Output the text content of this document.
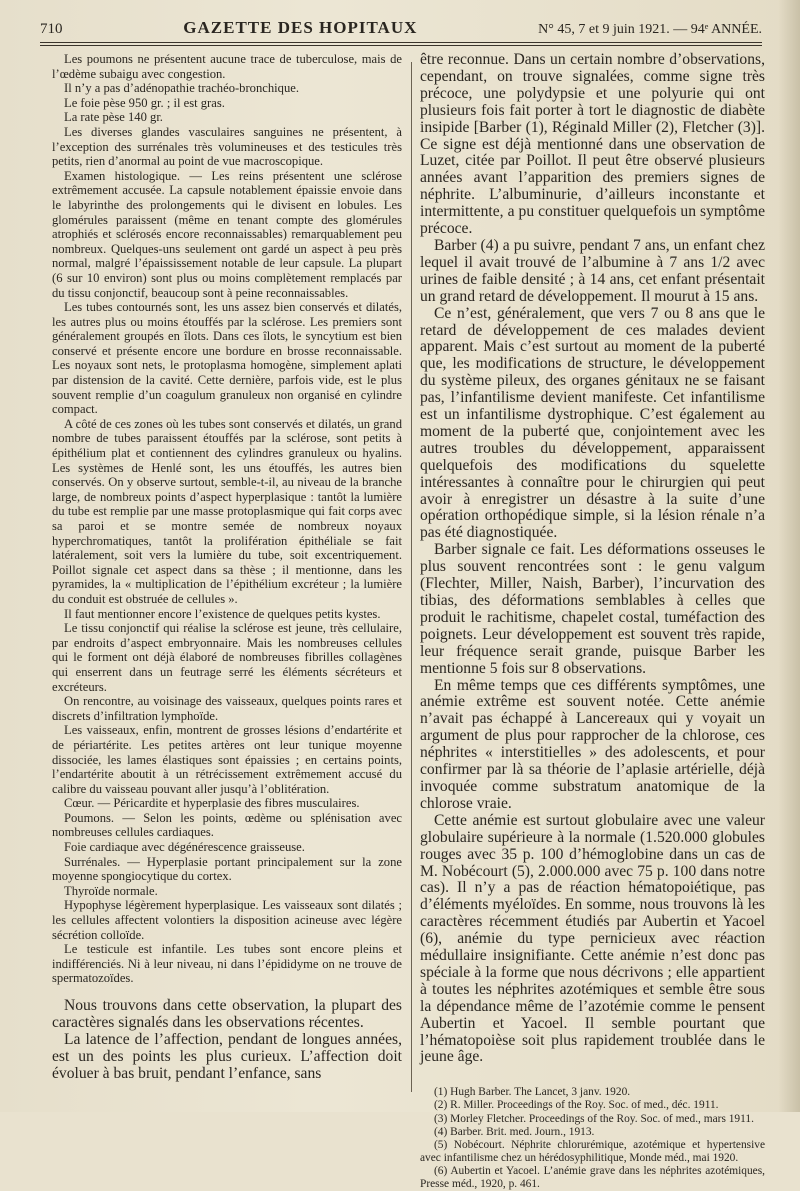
710	GAZETTE DES HOPITAUX	N° 45, 7 et 9 juin 1921. — 94ᵉ ANNÉE.

Les poumons ne présentent aucune trace de tuberculose, mais de l’œdème subaigu avec congestion.

Il n’y a pas d’adénopathie trachéo-bronchique.

Le foie pèse 950 gr. ; il est gras.

La rate pèse 140 gr.

Les diverses glandes vasculaires sanguines ne présentent, à l’exception des surrénales très volumineuses et des testicules très petits, rien d’anormal au point de vue macroscopique.

Examen histologique. — Les reins présentent une sclérose extrêmement accusée. La capsule notablement épaissie envoie dans le labyrinthe des prolongements qui le divisent en lobules. Les glomérules paraissent (même en tenant compte des glomérules atrophiés et sclérosés encore reconnaissables) remarquablement peu nombreux. Quelques-uns seulement ont gardé un aspect à peu près normal, malgré l’épaississement notable de leur capsule. La plupart (6 sur 10 environ) sont plus ou moins complètement remplacés par du tissu conjonctif, beaucoup sont à peine reconnaissables.

Les tubes contournés sont, les uns assez bien conservés et dilatés, les autres plus ou moins étouffés par la sclérose. Les premiers sont généralement groupés en îlots. Dans ces îlots, le syncytium est bien conservé et présente encore une bordure en brosse reconnaissable. Les noyaux sont nets, le protoplasma homogène, simplement aplati par distension de la cavité. Cette dernière, parfois vide, est le plus souvent remplie d’un coagulum granuleux non organisé en cylindre compact.

A côté de ces zones où les tubes sont conservés et dilatés, un grand nombre de tubes paraissent étouffés par la sclérose, sont petits à épithélium plat et contiennent des cylindres granuleux ou hyalins. Les systèmes de Henlé sont, les uns étouffés, les autres bien conservés. On y observe surtout, semble-t-il, au niveau de la branche large, de nombreux points d’aspect hyperplasique : tantôt la lumière du tube est remplie par une masse protoplasmique qui fait corps avec sa paroi et se montre semée de nombreux noyaux hyperchromatiques, tantôt la prolifération épithéliale se fait latéralement, soit vers la lumière du tube, soit excentriquement. Poillot signale cet aspect dans sa thèse ; il mentionne, dans les pyramides, la « multiplication de l’épithélium excréteur ; la lumière du conduit est obstruée de cellules ».

Il faut mentionner encore l’existence de quelques petits kystes.

Le tissu conjonctif qui réalise la sclérose est jeune, très cellulaire, par endroits d’aspect embryonnaire. Mais les nombreuses cellules qui le forment ont déjà élaboré de nombreuses fibrilles collagènes qui enserrent dans un feutrage serré les éléments sécréteurs et excréteurs.

On rencontre, au voisinage des vaisseaux, quelques points rares et discrets d’infiltration lymphoïde.

Les vaisseaux, enfin, montrent de grosses lésions d’endartérite et de périartérite. Les petites artères ont leur tunique moyenne dissociée, les lames élastiques sont épaissies ; en certains points, l’endartérite aboutit à un rétrécissement extrêmement accusé du calibre du vaisseau pouvant aller jusqu’à l’oblitération.

Cœur. — Péricardite et hyperplasie des fibres musculaires.

Poumons. — Selon les points, œdème ou splénisation avec nombreuses cellules cardiaques.

Foie cardiaque avec dégénérescence graisseuse.

Surrénales. — Hyperplasie portant principalement sur la zone moyenne spongiocytique du cortex.

Thyroïde normale.

Hypophyse légèrement hyperplasique. Les vaisseaux sont dilatés ; les cellules affectent volontiers la disposition acineuse avec légère sécrétion colloïde.

Le testicule est infantile. Les tubes sont encore pleins et indifférenciés. Ni à leur niveau, ni dans l’épididyme on ne trouve de spermatozoïdes.

Nous trouvons dans cette observation, la plupart des caractères signalés dans les observations récentes.

La latence de l’affection, pendant de longues années, est un des points les plus curieux. L’affection doit évoluer à bas bruit, pendant l’enfance, sans

être reconnue. Dans un certain nombre d’observations, cependant, on trouve signalées, comme signe très précoce, une polydypsie et une polyurie qui ont plusieurs fois fait porter à tort le diagnostic de diabète insipide [Barber (1), Réginald Miller (2), Fletcher (3)]. Ce signe est déjà mentionné dans une observation de Luzet, citée par Poillot. Il peut être observé plusieurs années avant l’apparition des premiers signes de néphrite. L’albuminurie, d’ailleurs inconstante et intermittente, a pu constituer quelquefois un symptôme précoce.

Barber (4) a pu suivre, pendant 7 ans, un enfant chez lequel il avait trouvé de l’albumine à 7 ans 1/2 avec urines de faible densité ; à 14 ans, cet enfant présentait un grand retard de développement. Il mourut à 15 ans.

Ce n’est, généralement, que vers 7 ou 8 ans que le retard de développement de ces malades devient apparent. Mais c’est surtout au moment de la puberté que, les modifications de structure, le développement du système pileux, des organes génitaux ne se faisant pas, l’infantilisme devient manifeste. Cet infantilisme est un infantilisme dystrophique. C’est également au moment de la puberté que, conjointement avec les autres troubles du développement, apparaissent quelquefois des modifications du squelette intéressantes à connaître pour le chirurgien qui peut avoir à enregistrer un désastre à la suite d’une opération orthopédique simple, si la lésion rénale n’a pas été diagnostiquée.

Barber signale ce fait. Les déformations osseuses le plus souvent rencontrées sont : le genu valgum (Flechter, Miller, Naish, Barber), l’incurvation des tibias, des déformations semblables à celles que produit le rachitisme, chapelet costal, tuméfaction des poignets. Leur développement est souvent très rapide, leur fréquence serait grande, puisque Barber les mentionne 5 fois sur 8 observations.

En même temps que ces différents symptômes, une anémie extrême est souvent notée. Cette anémie n’avait pas échappé à Lancereaux qui y voyait un argument de plus pour rapprocher de la chlorose, ces néphrites « interstitielles » des adolescents, et pour confirmer par là sa théorie de l’aplasie artérielle, déjà invoquée comme substratum anatomique de la chlorose vraie.

Cette anémie est surtout globulaire avec une valeur globulaire supérieure à la normale (1.520.000 globules rouges avec 35 p. 100 d’hémoglobine dans un cas de M. Nobécourt (5), 2.000.000 avec 75 p. 100 dans notre cas). Il n’y a pas de réaction hématopoiétique, pas d’éléments myéloïdes. En somme, nous trouvons là les caractères récemment étudiés par Aubertin et Yacoel (6), anémie du type pernicieux avec réaction médullaire insignifiante. Cette anémie n’est donc pas spéciale à la forme que nous décrivons ; elle appartient à toutes les néphrites azotémiques et semble être sous la dépendance même de l’azotémie comme le pensent Aubertin et Yacoel. Il semble pourtant que l’hématopoièse soit plus rapidement troublée dans le jeune âge.

(1) Hugh Barber. The Lancet, 3 janv. 1920.

(2) R. Miller. Proceedings of the Roy. Soc. of med., déc. 1911.

(3) Morley Fletcher. Proceedings of the Roy. Soc. of med., mars 1911.

(4) Barber. Brit. med. Journ., 1913.

(5) Nobécourt. Néphrite chlorurémique, azotémique et hypertensive avec infantilisme chez un hérédosyphilitique, Monde méd., mai 1920.

(6) Aubertin et Yacoel. L’anémie grave dans les néphrites azotémiques, Presse méd., 1920, p. 461.
